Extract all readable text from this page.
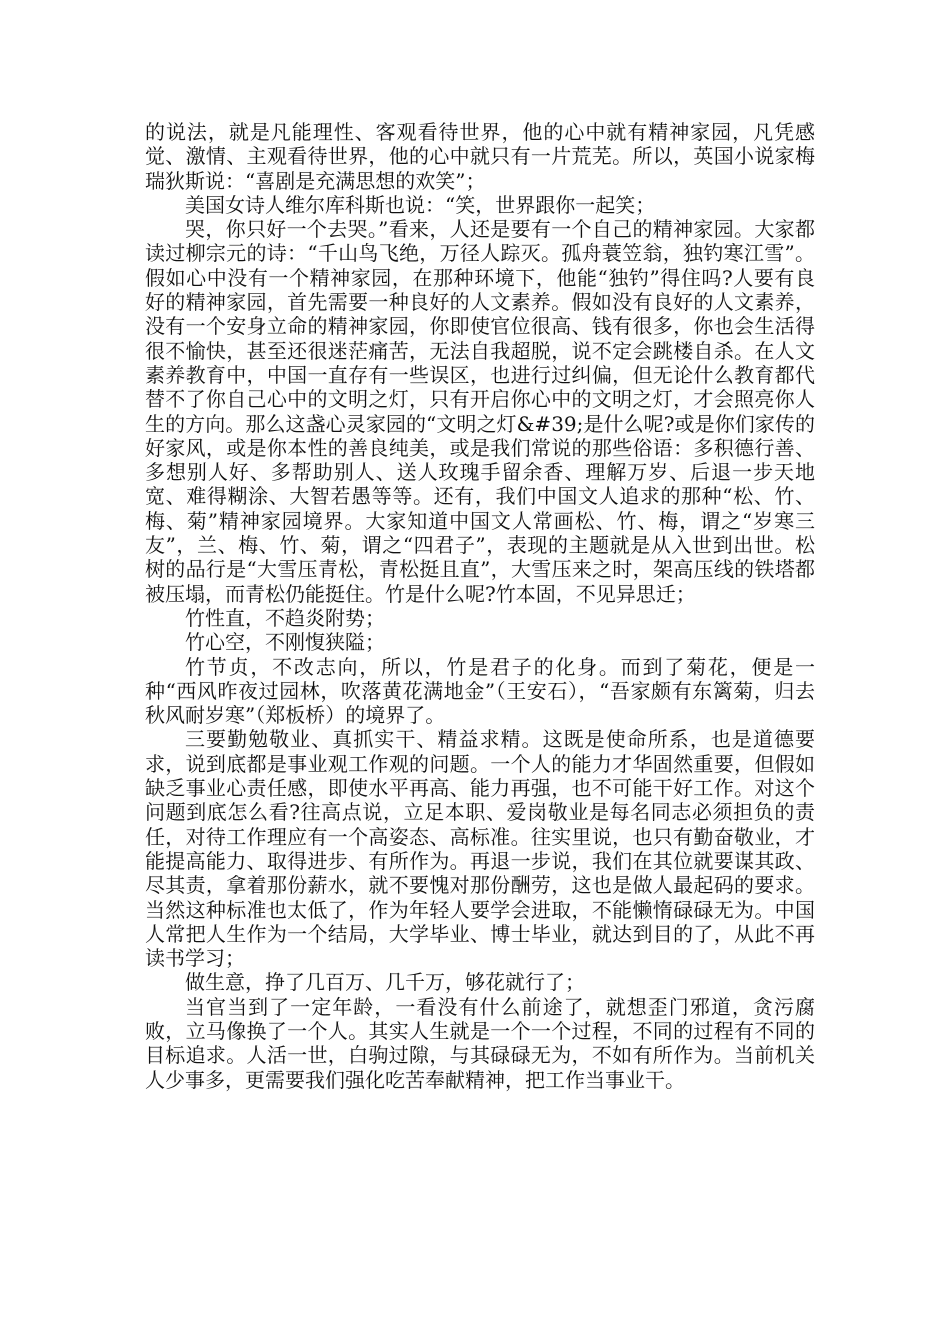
的说法，就是凡能理性、客观看待世界，他的心中就有精神家园，凡凭感觉、激情、主观看待世界，他的心中就只有一片荒芜。所以，英国小说家梅瑞狄斯说：“喜剧是充满思想的欢笑”；

美国女诗人维尔库科斯也说：“笑，世界跟你一起笑；

哭，你只好一个去哭。”看来，人还是要有一个自己的精神家园。大家都读过柳宗元的诗：“千山鸟飞绝，万径人踪灭。孤舟蓑笠翁，独钓寒江雪”。假如心中没有一个精神家园，在那种环境下，他能“独钓”得住吗?人要有良好的精神家园，首先需要一种良好的人文素养。假如没有良好的人文素养，没有一个安身立命的精神家园，你即使官位很高、钱有很多，你也会生活得很不愉快，甚至还很迷茫痛苦，无法自我超脱，说不定会跳楼自杀。在人文素养教育中，中国一直存有一些误区，也进行过纠偏，但无论什么教育都代替不了你自己心中的文明之灯，只有开启你心中的文明之灯，才会照亮你人生的方向。那么这盏心灵家园的“文明之灯&#39;是什么呢?或是你们家传的好家风，或是你本性的善良纯美，或是我们常说的那些俗语：多积德行善、多想别人好、多帮助别人、送人玫瑰手留余香、理解万岁、后退一步天地宽、难得糊涂、大智若愚等等。还有，我们中国文人追求的那种“松、竹、梅、菊”精神家园境界。大家知道中国文人常画松、竹、梅，谓之“岁寒三友”，兰、梅、竹、菊，谓之“四君子”，表现的主题就是从入世到出世。松树的品行是“大雪压青松，青松挺且直”，大雪压来之时，架高压线的铁塔都被压塌，而青松仍能挺住。竹是什么呢?竹本固，不见异思迁；

竹性直，不趋炎附势；

竹心空，不刚愎狭隘；

竹节贞，不改志向，所以，竹是君子的化身。而到了菊花，便是一种“西风昨夜过园林，吹落黄花满地金”（王安石），“吾家颇有东篱菊，归去秋风耐岁寒”（郑板桥）的境界了。

三要勤勉敬业、真抓实干、精益求精。这既是使命所系，也是道德要求，说到底都是事业观工作观的问题。一个人的能力才华固然重要，但假如缺乏事业心责任感，即使水平再高、能力再强，也不可能干好工作。对这个问题到底怎么看?往高点说，立足本职、爱岗敬业是每名同志必须担负的责任，对待工作理应有一个高姿态、高标准。往实里说，也只有勤奋敬业，才能提高能力、取得进步、有所作为。再退一步说，我们在其位就要谋其政、尽其责，拿着那份薪水，就不要愧对那份酬劳，这也是做人最起码的要求。当然这种标准也太低了，作为年轻人要学会进取，不能懒惰碌碌无为。中国人常把人生作为一个结局，大学毕业、博士毕业，就达到目的了，从此不再读书学习；

做生意，挣了几百万、几千万，够花就行了；

当官当到了一定年龄，一看没有什么前途了，就想歪门邪道，贪污腐败，立马像换了一个人。其实人生就是一个一个过程，不同的过程有不同的目标追求。人活一世，白驹过隙，与其碌碌无为，不如有所作为。当前机关人少事多，更需要我们强化吃苦奉献精神，把工作当事业干。
